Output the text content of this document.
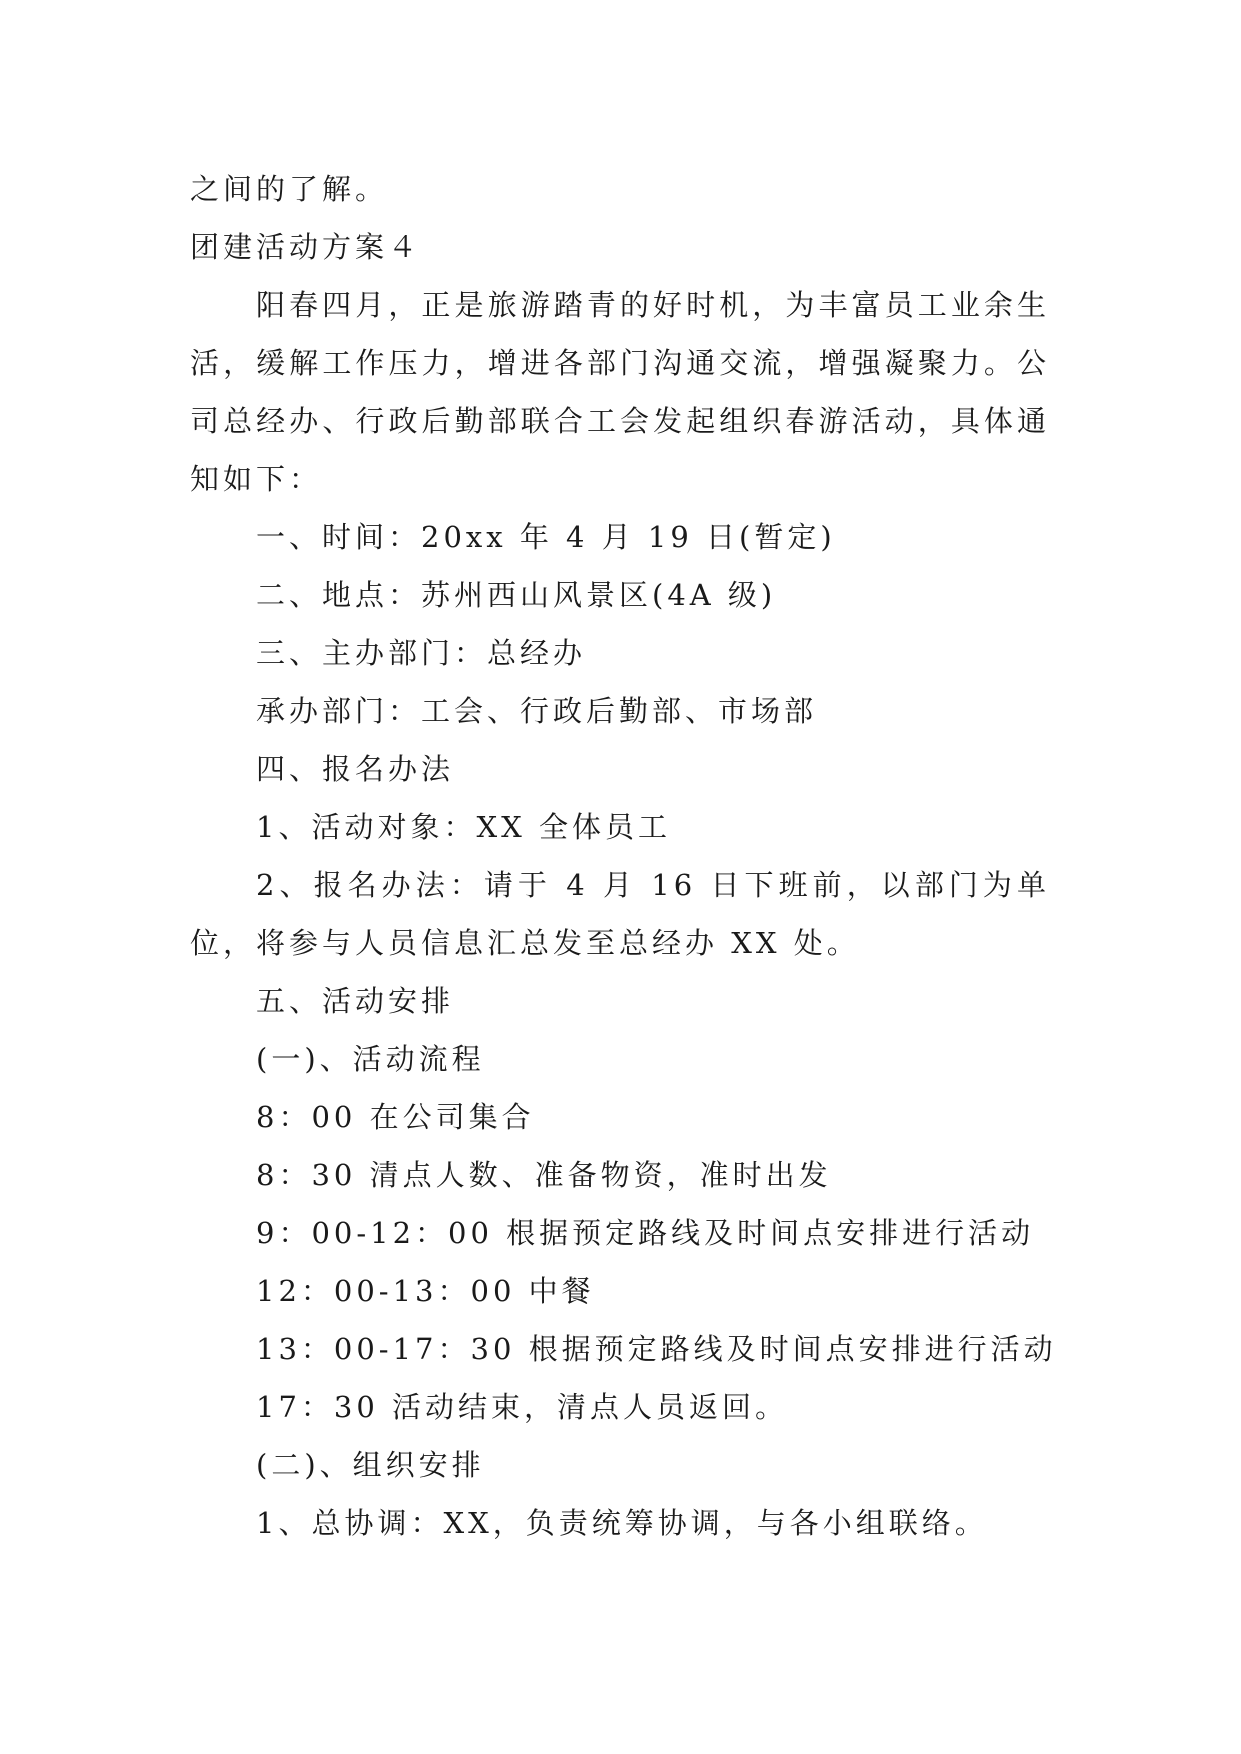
之间的了解。
团建活动方案４

阳春四月，正是旅游踏青的好时机，为丰富员工业余生活，缓解工作压力，增进各部门沟通交流，增强凝聚力。公司总经办、行政后勤部联合工会发起组织春游活动，具体通知如下：

一、时间：20xx 年 4 月 19 日(暂定)
二、地点：苏州西山风景区(4A 级)
三、主办部门：总经办
承办部门：工会、行政后勤部、市场部
四、报名办法
1、活动对象：XX 全体员工

2、报名办法：请于 4 月 16 日下班前，以部门为单位，将参与人员信息汇总发至总经办 XX 处。

五、活动安排
(一)、活动流程
8：00 在公司集合
8：30 清点人数、准备物资，准时出发
9：00-12：00 根据预定路线及时间点安排进行活动
12：00-13：00 中餐
13：00-17：30 根据预定路线及时间点安排进行活动
17：30 活动结束，清点人员返回。
(二)、组织安排
1、总协调：XX，负责统筹协调，与各小组联络。
